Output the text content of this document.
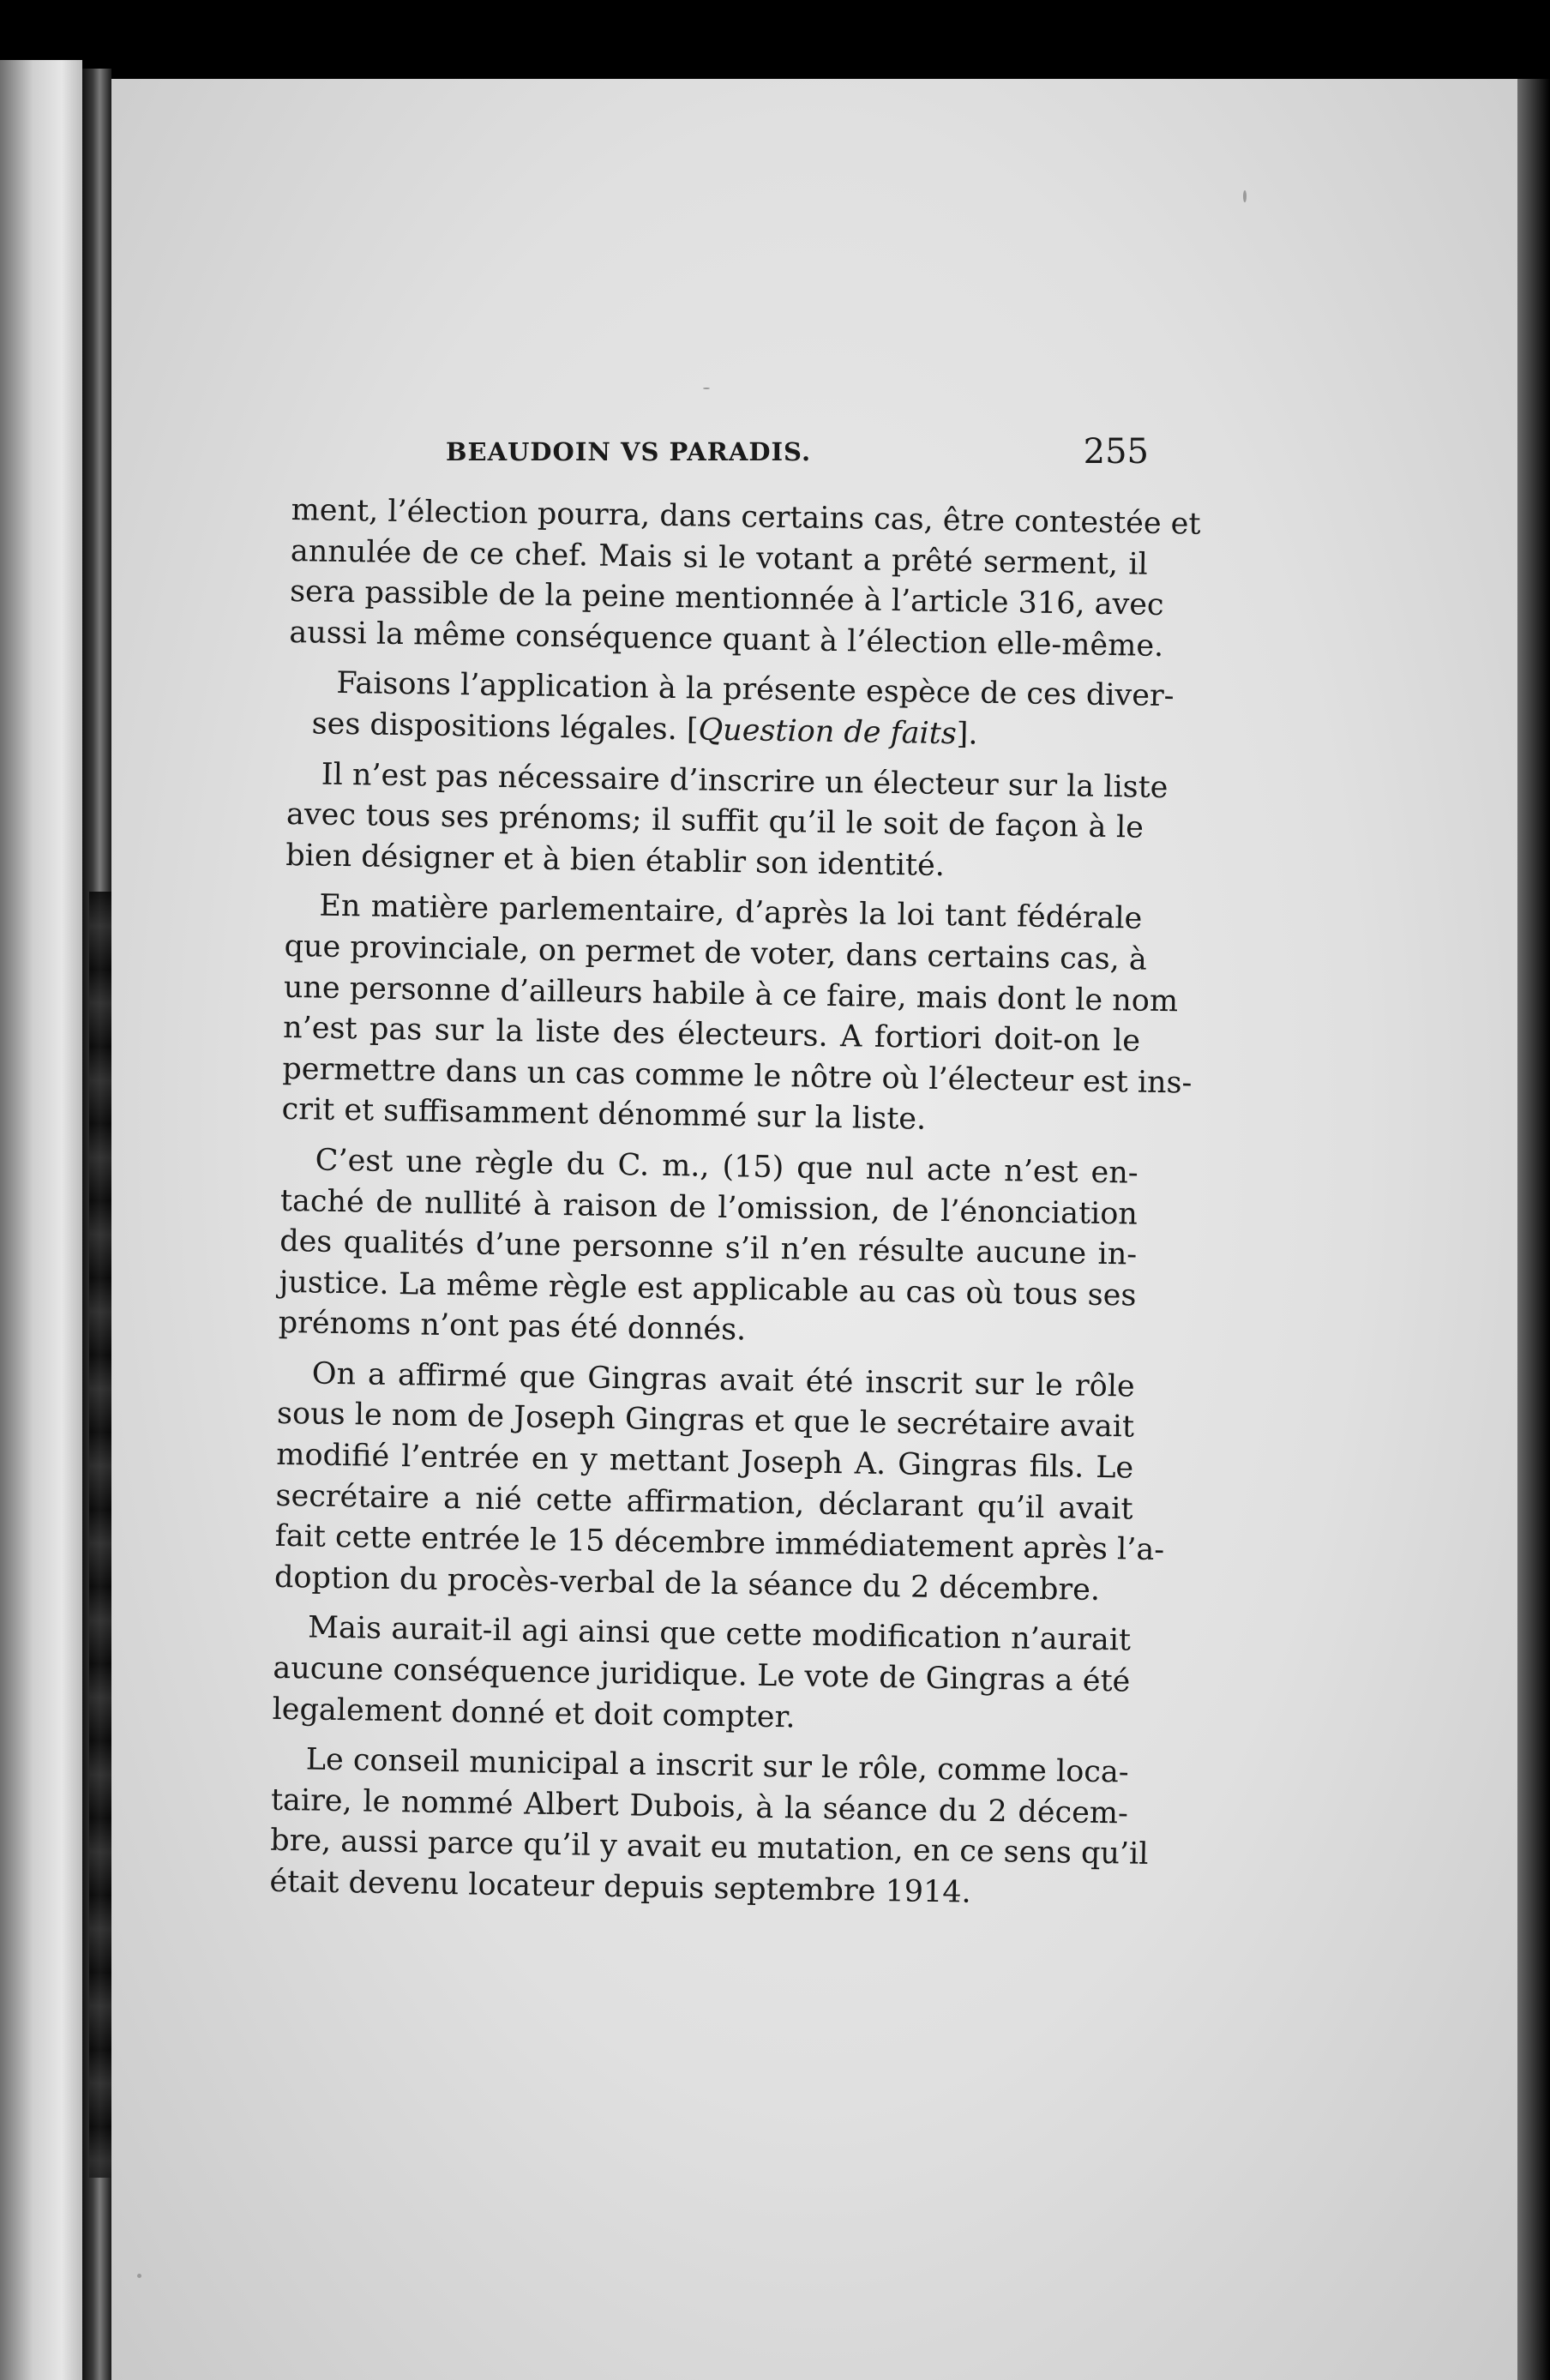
BEAUDOIN VS PARADIS.	255

ment, l’élection pourra, dans certains cas, être contestée et
annulée de ce chef. Mais si le votant a prêté serment, il
sera passible de la peine mentionnée à l’article 316, avec
aussi la même conséquence quant à l’élection elle-même.

Faisons l’application à la présente espèce de ces diver-
ses dispositions légales. [Question de faits].

Il n’est pas nécessaire d’inscrire un électeur sur la liste
avec tous ses prénoms; il suffit qu’il le soit de façon à le
bien désigner et à bien établir son identité.

En matière parlementaire, d’après la loi tant fédérale
que provinciale, on permet de voter, dans certains cas, à
une personne d’ailleurs habile à ce faire, mais dont le nom
n’est pas sur la liste des électeurs. A fortiori doit-on le
permettre dans un cas comme le nôtre où l’électeur est ins-
crit et suffisamment dénommé sur la liste.

C’est une règle du C. m., (15) que nul acte n’est en-
taché de nullité à raison de l’omission, de l’énonciation
des qualités d’une personne s’il n’en résulte aucune in-
justice. La même règle est applicable au cas où tous ses
prénoms n’ont pas été donnés.

On a affirmé que Gingras avait été inscrit sur le rôle
sous le nom de Joseph Gingras et que le secrétaire avait
modifié l’entrée en y mettant Joseph A. Gingras fils. Le
secrétaire a nié cette affirmation, déclarant qu’il avait
fait cette entrée le 15 décembre immédiatement après l’a-
doption du procès-verbal de la séance du 2 décembre.

Mais aurait-il agi ainsi que cette modification n’aurait
aucune conséquence juridique. Le vote de Gingras a été
legalement donné et doit compter.

Le conseil municipal a inscrit sur le rôle, comme loca-
taire, le nommé Albert Dubois, à la séance du 2 décem-
bre, aussi parce qu’il y avait eu mutation, en ce sens qu’il
était devenu locateur depuis septembre 1914.
